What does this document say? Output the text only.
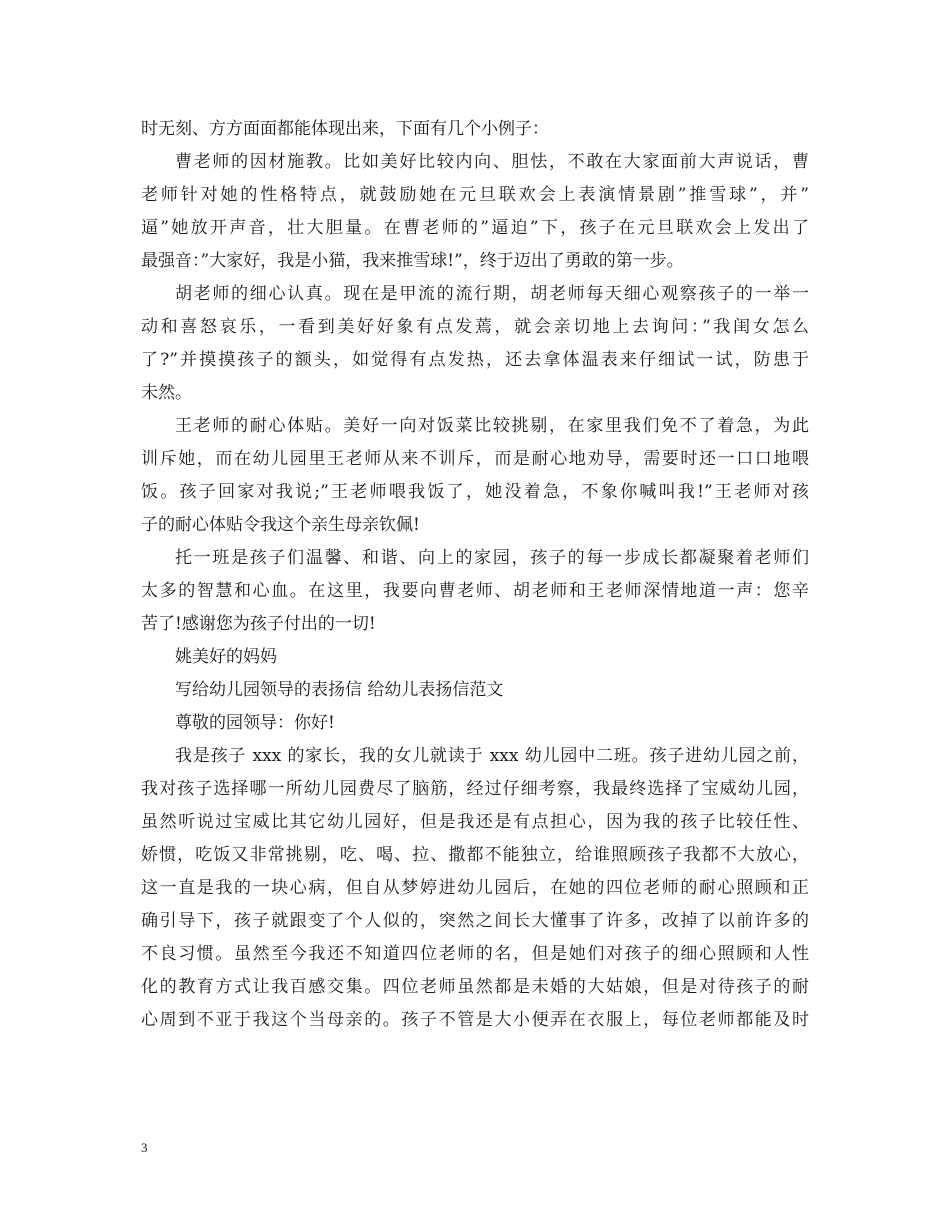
时无刻、方方面面都能体现出来，下面有几个小例子：
曹老师的因材施教。比如美好比较内向、胆怯，不敢在大家面前大声说话，曹
老师针对她的性格特点，就鼓励她在元旦联欢会上表演情景剧”推雪球”，并”
逼”她放开声音，壮大胆量。在曹老师的”逼迫”下，孩子在元旦联欢会上发出了
最强音：”大家好，我是小猫，我来推雪球!”，终于迈出了勇敢的第一步。
胡老师的细心认真。现在是甲流的流行期，胡老师每天细心观察孩子的一举一
动和喜怒哀乐，一看到美好好象有点发蔫，就会亲切地上去询问：”我闺女怎么
了?”并摸摸孩子的额头，如觉得有点发热，还去拿体温表来仔细试一试，防患于
未然。
王老师的耐心体贴。美好一向对饭菜比较挑剔，在家里我们免不了着急，为此
训斥她，而在幼儿园里王老师从来不训斥，而是耐心地劝导，需要时还一口口地喂
饭。孩子回家对我说;”王老师喂我饭了，她没着急，不象你喊叫我!”王老师对孩
子的耐心体贴令我这个亲生母亲钦佩!
托一班是孩子们温馨、和谐、向上的家园，孩子的每一步成长都凝聚着老师们
太多的智慧和心血。在这里，我要向曹老师、胡老师和王老师深情地道一声：您辛
苦了!感谢您为孩子付出的一切!
姚美好的妈妈
写给幼儿园领导的表扬信 给幼儿表扬信范文
尊敬的园领导：你好!
我是孩子 xxx 的家长，我的女儿就读于 xxx 幼儿园中二班。孩子进幼儿园之前，
我对孩子选择哪一所幼儿园费尽了脑筋，经过仔细考察，我最终选择了宝威幼儿园，
虽然听说过宝威比其它幼儿园好，但是我还是有点担心，因为我的孩子比较任性、
娇惯，吃饭又非常挑剔，吃、喝、拉、撒都不能独立，给谁照顾孩子我都不大放心，
这一直是我的一块心病，但自从梦婷进幼儿园后，在她的四位老师的耐心照顾和正
确引导下，孩子就跟变了个人似的，突然之间长大懂事了许多，改掉了以前许多的
不良习惯。虽然至今我还不知道四位老师的名，但是她们对孩子的细心照顾和人性
化的教育方式让我百感交集。四位老师虽然都是未婚的大姑娘，但是对待孩子的耐
心周到不亚于我这个当母亲的。孩子不管是大小便弄在衣服上，每位老师都能及时
3
